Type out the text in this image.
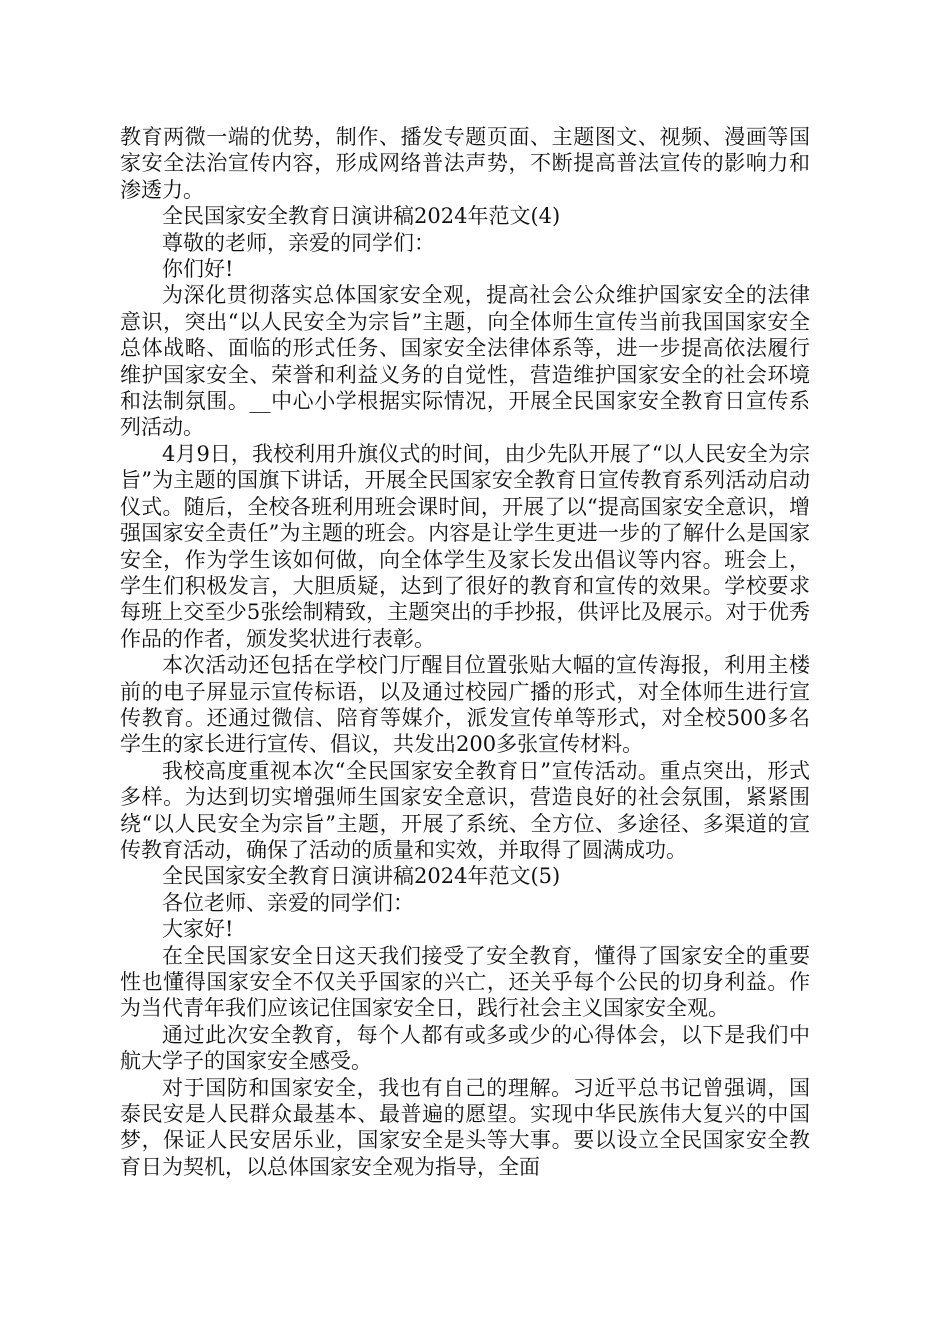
教育两微一端的优势，制作、播发专题页面、主题图文、视频、漫画等国家安全法治宣传内容，形成网络普法声势，不断提高普法宣传的影响力和渗透力。

全民国家安全教育日演讲稿2024年范文(4)

尊敬的老师，亲爱的同学们：

你们好!

为深化贯彻落实总体国家安全观，提高社会公众维护国家安全的法律意识，突出“以人民安全为宗旨”主题，向全体师生宣传当前我国国家安全总体战略、面临的形式任务、国家安全法律体系等，进一步提高依法履行维护国家安全、荣誉和利益义务的自觉性，营造维护国家安全的社会环境和法制氛围。__中心小学根据实际情况，开展全民国家安全教育日宣传系列活动。

4月9日，我校利用升旗仪式的时间，由少先队开展了“以人民安全为宗旨”为主题的国旗下讲话，开展全民国家安全教育日宣传教育系列活动启动仪式。随后，全校各班利用班会课时间，开展了以“提高国家安全意识，增强国家安全责任”为主题的班会。内容是让学生更进一步的了解什么是国家安全，作为学生该如何做，向全体学生及家长发出倡议等内容。班会上，学生们积极发言，大胆质疑，达到了很好的教育和宣传的效果。学校要求每班上交至少5张绘制精致，主题突出的手抄报，供评比及展示。对于优秀作品的作者，颁发奖状进行表彰。

本次活动还包括在学校门厅醒目位置张贴大幅的宣传海报，利用主楼前的电子屏显示宣传标语，以及通过校园广播的形式，对全体师生进行宣传教育。还通过微信、陪育等媒介，派发宣传单等形式，对全校500多名学生的家长进行宣传、倡议，共发出200多张宣传材料。

我校高度重视本次“全民国家安全教育日”宣传活动。重点突出，形式多样。为达到切实增强师生国家安全意识，营造良好的社会氛围，紧紧围绕“以人民安全为宗旨”主题，开展了系统、全方位、多途径、多渠道的宣传教育活动，确保了活动的质量和实效，并取得了圆满成功。

全民国家安全教育日演讲稿2024年范文(5)

各位老师、亲爱的同学们：

大家好!

在全民国家安全日这天我们接受了安全教育，懂得了国家安全的重要性也懂得国家安全不仅关乎国家的兴亡，还关乎每个公民的切身利益。作为当代青年我们应该记住国家安全日，践行社会主义国家安全观。

通过此次安全教育，每个人都有或多或少的心得体会，以下是我们中航大学子的国家安全感受。

对于国防和国家安全，我也有自己的理解。习近平总书记曾强调，国泰民安是人民群众最基本、最普遍的愿望。实现中华民族伟大复兴的中国梦，保证人民安居乐业，国家安全是头等大事。要以设立全民国家安全教育日为契机，以总体国家安全观为指导，全面
